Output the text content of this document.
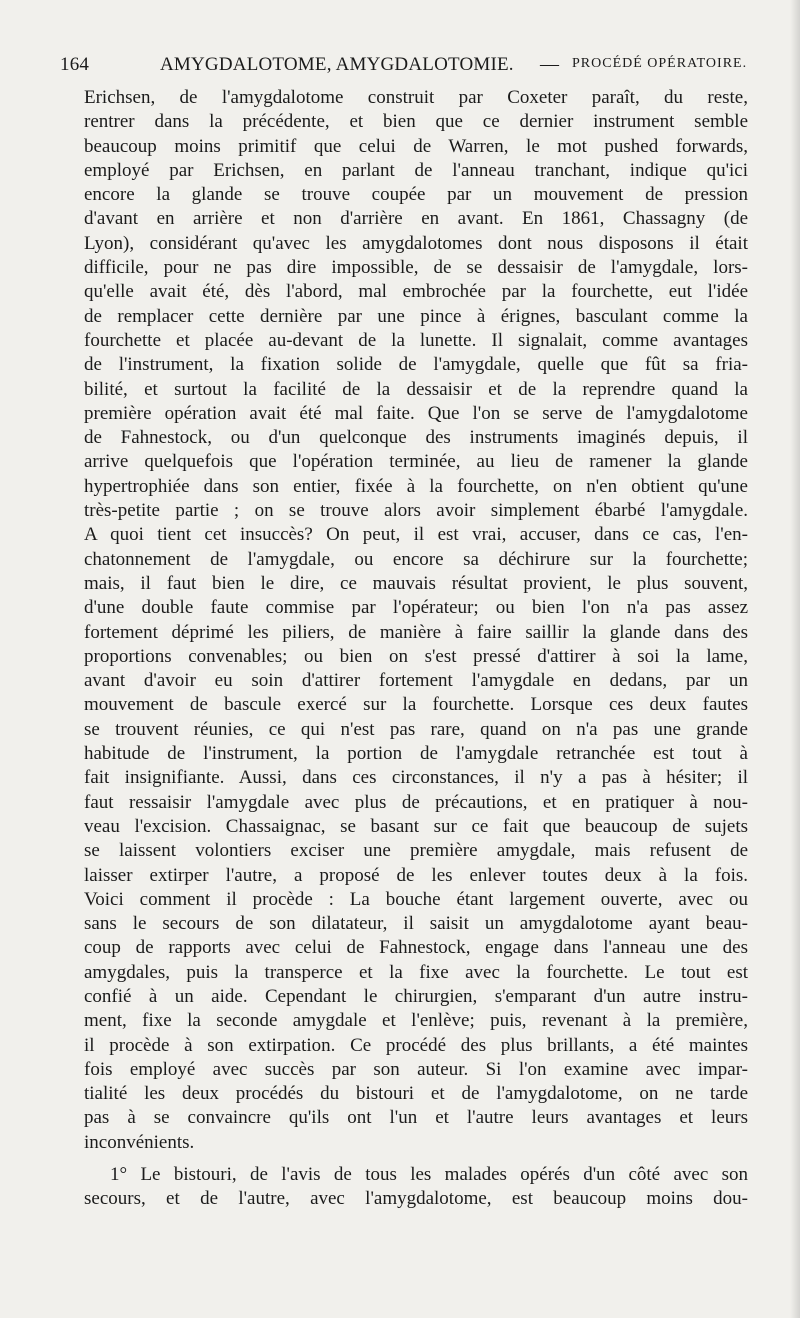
164	AMYGDALOTOME, AMYGDALOTOMIE. — PROCÉDÉ OPÉRATOIRE.
Erichsen, de l'amygdalotome construit par Coxeter paraît, du reste,
rentrer dans la précédente, et bien que ce dernier instrument semble
beaucoup moins primitif que celui de Warren, le mot pushed forwards,
employé par Erichsen, en parlant de l'anneau tranchant, indique qu'ici
encore la glande se trouve coupée par un mouvement de pression
d'avant en arrière et non d'arrière en avant. En 1861, Chassagny (de
Lyon), considérant qu'avec les amygdalotomes dont nous disposons il était
difficile, pour ne pas dire impossible, de se dessaisir de l'amygdale, lors-
qu'elle avait été, dès l'abord, mal embrochée par la fourchette, eut l'idée
de remplacer cette dernière par une pince à érignes, basculant comme la
fourchette et placée au-devant de la lunette. Il signalait, comme avantages
de l'instrument, la fixation solide de l'amygdale, quelle que fût sa fria-
bilité, et surtout la facilité de la dessaisir et de la reprendre quand la
première opération avait été mal faite. Que l'on se serve de l'amygdalotome
de Fahnestock, ou d'un quelconque des instruments imaginés depuis, il
arrive quelquefois que l'opération terminée, au lieu de ramener la glande
hypertrophiée dans son entier, fixée à la fourchette, on n'en obtient qu'une
très-petite partie ; on se trouve alors avoir simplement ébarbé l'amygdale.
A quoi tient cet insuccès? On peut, il est vrai, accuser, dans ce cas, l'en-
chatonnement de l'amygdale, ou encore sa déchirure sur la fourchette;
mais, il faut bien le dire, ce mauvais résultat provient, le plus souvent,
d'une double faute commise par l'opérateur; ou bien l'on n'a pas assez
fortement déprimé les piliers, de manière à faire saillir la glande dans des
proportions convenables; ou bien on s'est pressé d'attirer à soi la lame,
avant d'avoir eu soin d'attirer fortement l'amygdale en dedans, par un
mouvement de bascule exercé sur la fourchette. Lorsque ces deux fautes
se trouvent réunies, ce qui n'est pas rare, quand on n'a pas une grande
habitude de l'instrument, la portion de l'amygdale retranchée est tout à
fait insignifiante. Aussi, dans ces circonstances, il n'y a pas à hésiter; il
faut ressaisir l'amygdale avec plus de précautions, et en pratiquer à nou-
veau l'excision. Chassaignac, se basant sur ce fait que beaucoup de sujets
se laissent volontiers exciser une première amygdale, mais refusent de
laisser extirper l'autre, a proposé de les enlever toutes deux à la fois.
Voici comment il procède : La bouche étant largement ouverte, avec ou
sans le secours de son dilatateur, il saisit un amygdalotome ayant beau-
coup de rapports avec celui de Fahnestock, engage dans l'anneau une des
amygdales, puis la transperce et la fixe avec la fourchette. Le tout est
confié à un aide. Cependant le chirurgien, s'emparant d'un autre instru-
ment, fixe la seconde amygdale et l'enlève; puis, revenant à la première,
il procède à son extirpation. Ce procédé des plus brillants, a été maintes
fois employé avec succès par son auteur. Si l'on examine avec impar-
tialité les deux procédés du bistouri et de l'amygdalotome, on ne tarde
pas à se convaincre qu'ils ont l'un et l'autre leurs avantages et leurs
inconvénients.
1° Le bistouri, de l'avis de tous les malades opérés d'un côté avec son
secours, et de l'autre, avec l'amygdalotome, est beaucoup moins dou-
